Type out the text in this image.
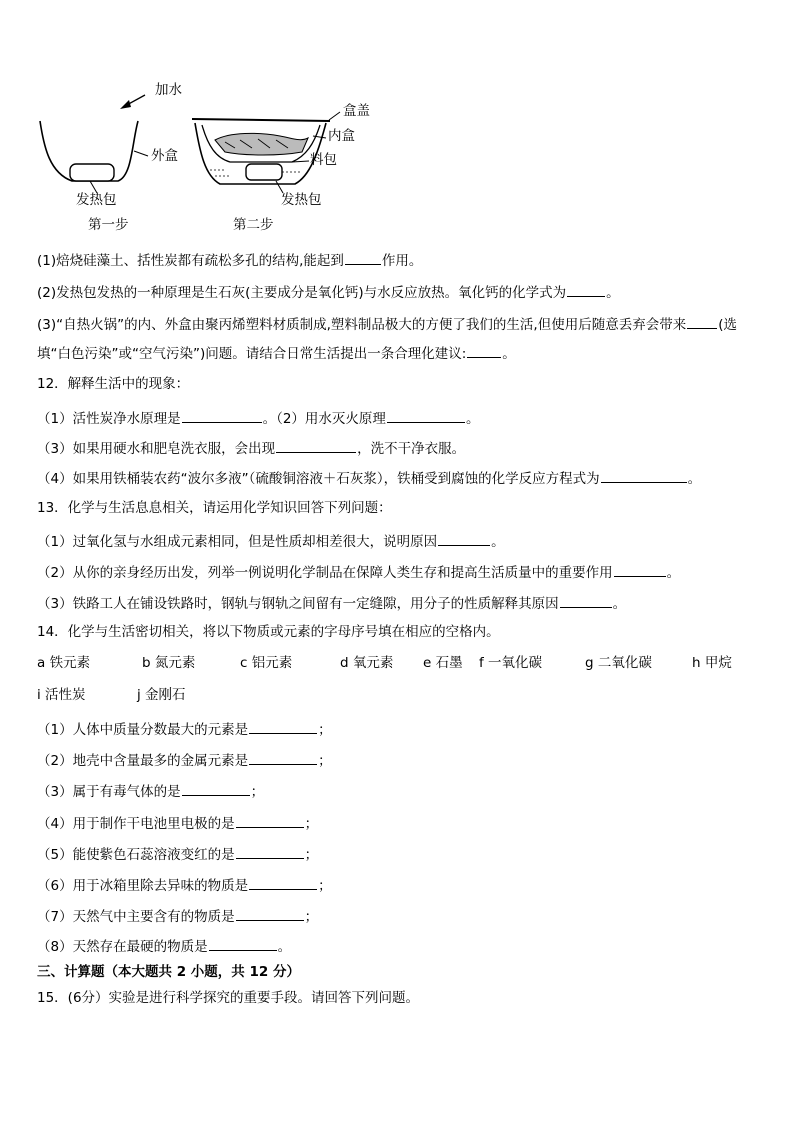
加水
外盒
发热包
第一步
盒盖
内盒
料包
发热包
第二步
(1)焙烧硅藻土、括性炭都有疏松多孔的结构,能起到	作用。
(2)发热包发热的一种原理是生石灰(主要成分是氧化钙)与水反应放热。氧化钙的化学式为	。
(3)“自热火锅”的内、外盒由聚丙烯塑料材质制成,塑料制品极大的方便了我们的生活,但使用后随意丢弃会带来 (选
填“白色污染”或“空气污染”)问题。请结合日常生活提出一条合理化建议:	。
12．解释生活中的现象：
（1）活性炭净水原理是	。（2）用水灭火原理	。
（3）如果用硬水和肥皂洗衣服，会出现	，洗不干净衣服。
（4）如果用铁桶装农药“波尔多液”（硫酸铜溶液＋石灰浆），铁桶受到腐蚀的化学反应方程式为	。
13．化学与生活息息相关，请运用化学知识回答下列问题：
（1）过氧化氢与水组成元素相同，但是性质却相差很大，说明原因	。
（2）从你的亲身经历出发，列举一例说明化学制品在保障人类生存和提高生活质量中的重要作用	。
（3）铁路工人在铺设铁路时，钢轨与钢轨之间留有一定缝隙，用分子的性质解释其原因	。
14．化学与生活密切相关，将以下物质或元素的字母序号填在相应的空格内。
a 铁元素	b 氮元素	c 铝元素	d 氧元素 e 石墨 f 一氧化碳	g 二氧化碳	h 甲烷
i 活性炭	j 金刚石
（1）人体中质量分数最大的元素是	；
（2）地壳中含量最多的金属元素是	；
（3）属于有毒气体的是	；
（4）用于制作干电池里电极的是	；
（5）能使紫色石蕊溶液变红的是	；
（6）用于冰箱里除去异味的物质是	；
（7）天然气中主要含有的物质是	；
（8）天然存在最硬的物质是	。
三、计算题（本大题共 2 小题，共 12 分）
15．(6分）实验是进行科学探究的重要手段。请回答下列问题。
